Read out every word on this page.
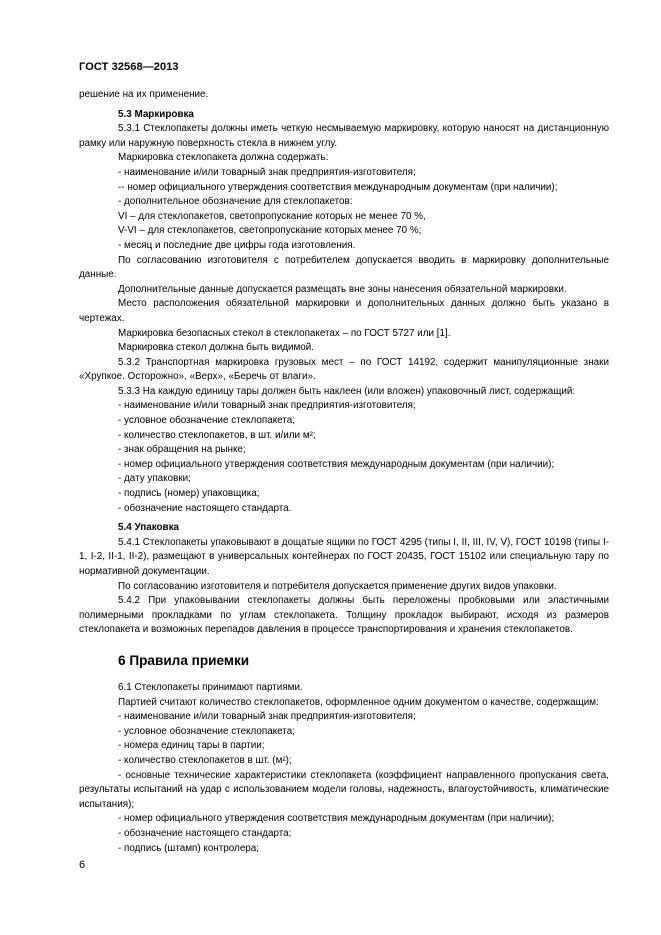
ГОСТ 32568—2013

решение на их применение.

5.3 Маркировка

5.3.1 Стеклопакеты должны иметь четкую несмываемую маркировку, которую наносят на дистанционную рамку или наружную поверхность стекла в нижнем углу.

Маркировка стеклопакета должна содержать:

- наименование и/или товарный знак предприятия-изготовителя;

-- номер официального утверждения соответствия международным документам (при наличии);

- дополнительное обозначение для стеклопакетов:

VI – для стеклопакетов, светопропускание которых не менее 70 %,

V-VI – для стеклопакетов, светопропускание которых менее 70 %;

- месяц и последние две цифры года изготовления.

По согласованию изготовителя с потребителем допускается вводить в маркировку дополнительные данные.

Дополнительные данные допускается размещать вне зоны нанесения обязательной маркировки.

Место расположения обязательной маркировки и дополнительных данных должно быть указано в чертежах.

Маркировка безопасных стекол в стеклопакетах – по ГОСТ 5727 или [1].

Маркировка стекол должна быть видимой.

5.3.2 Транспортная маркировка грузовых мест – по ГОСТ 14192, содержит манипуляционные знаки «Хрупкое. Осторожно», «Верх», «Беречь от влаги».

5.3.3 На каждую единицу тары должен быть наклеен (или вложен) упаковочный лист, содержащий:

- наименование и/или товарный знак предприятия-изготовителя;

- условное обозначение стеклопакета;

- количество стеклопакетов, в шт. и/или м²;

- знак обращения на рынке;

- номер официального утверждения соответствия международным документам (при наличии);

- дату упаковки;

- подпись (номер) упаковщика;

- обозначение настоящего стандарта.

5.4 Упаковка

5.4.1 Стеклопакеты упаковывают в дощатые ящики по ГОСТ 4295 (типы I, II, III, IV, V), ГОСТ 10198 (типы I-1, I-2, II-1, II-2), размещают в универсальных контейнерах по ГОСТ 20435, ГОСТ 15102 или специальную тару по нормативной документации.

По согласованию изготовителя и потребителя допускается применение других видов упаковки.

5.4.2 При упаковывании стеклопакеты должны быть переложены пробковыми или эластичными полимерными прокладками по углам стеклопакета. Толщину прокладок выбирают, исходя из размеров стеклопакета и возможных перепадов давления в процессе транспортирования и хранения стеклопакетов.

6 Правила приемки

6.1 Стеклопакеты принимают партиями.

Партией считают количество стеклопакетов, оформленное одним документом о качестве, содержащим:

- наименование и/или товарный знак предприятия-изготовителя;

- условное обозначение стеклопакета;

- номера единиц тары в партии;

- количество стеклопакетов в шт. (м²);

- основные технические характеристики стеклопакета (коэффициент направленного пропускания света, результаты испытаний на удар с использованием модели головы, надежность, влагоустойчивость, климатические испытания);

- номер официального утверждения соответствия международным документам (при наличии);

- обозначение настоящего стандарта;

- подпись (штамп) контролера;

6
